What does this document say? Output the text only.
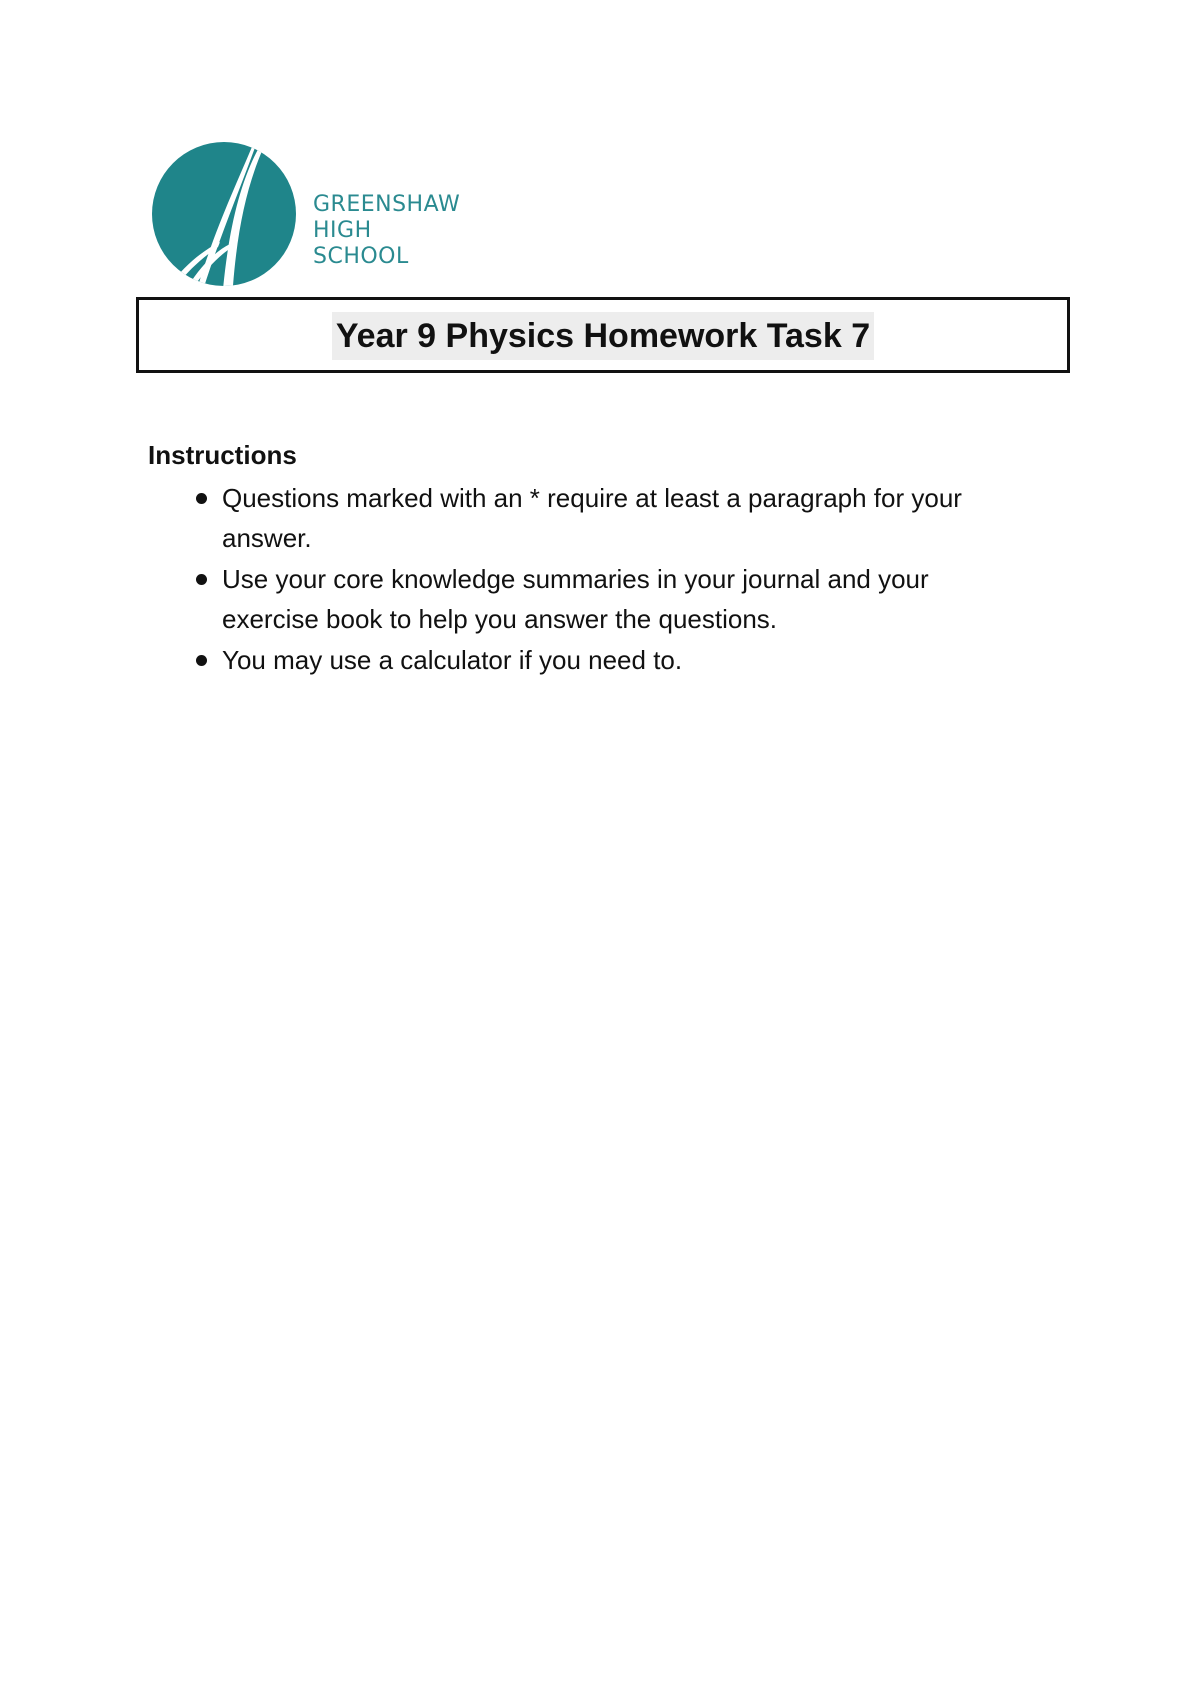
GREENSHAW
HIGH SCHOOL
Year 9 Physics Homework Task 7
Instructions
Questions marked with an * require at least a paragraph for your answer.
Use your core knowledge summaries in your journal and your exercise book to help you answer the questions.
You may use a calculator if you need to.
